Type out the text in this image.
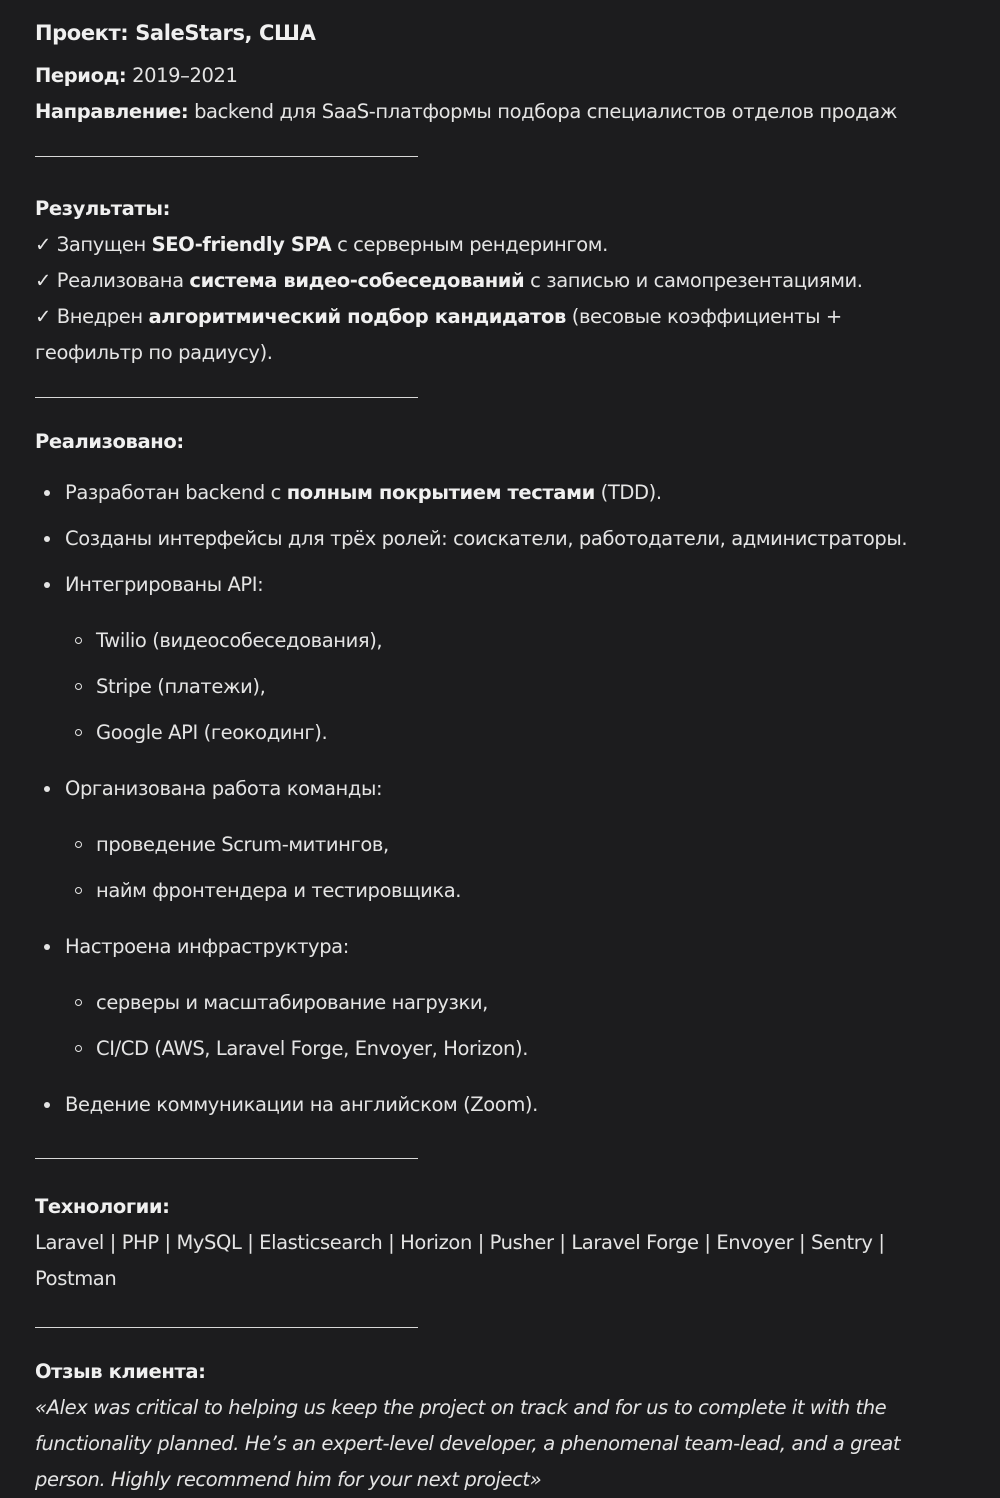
Проект: SaleStars, США

Период: 2019–2021

Направление: backend для SaaS-платформы подбора специалистов отделов продаж

Результаты:

✓ Запущен SEO-friendly SPA с серверным рендерингом.

✓ Реализована система видео-собеседований с записью и самопрезентациями.

✓ Внедрен алгоритмический подбор кандидатов (весовые коэффициенты + геофильтр по радиусу).

Реализовано:

Разработан backend с полным покрытием тестами (TDD).
Созданы интерфейсы для трёх ролей: соискатели, работодатели, администраторы.
Интегрированы API:
Twilio (видеособеседования),
Stripe (платежи),
Google API (геокодинг).
Организована работа команды:
проведение Scrum-митингов,
найм фронтендера и тестировщика.
Настроена инфраструктура:
серверы и масштабирование нагрузки,
CI/CD (AWS, Laravel Forge, Envoyer, Horizon).
Ведение коммуникации на английском (Zoom).

Технологии:

Laravel | PHP | MySQL | Elasticsearch | Horizon | Pusher | Laravel Forge | Envoyer | Sentry | Postman

Отзыв клиента:

«Alex was critical to helping us keep the project on track and for us to complete it with the functionality planned. He’s an expert-level developer, a phenomenal team-lead, and a great person. Highly recommend him for your next project»
